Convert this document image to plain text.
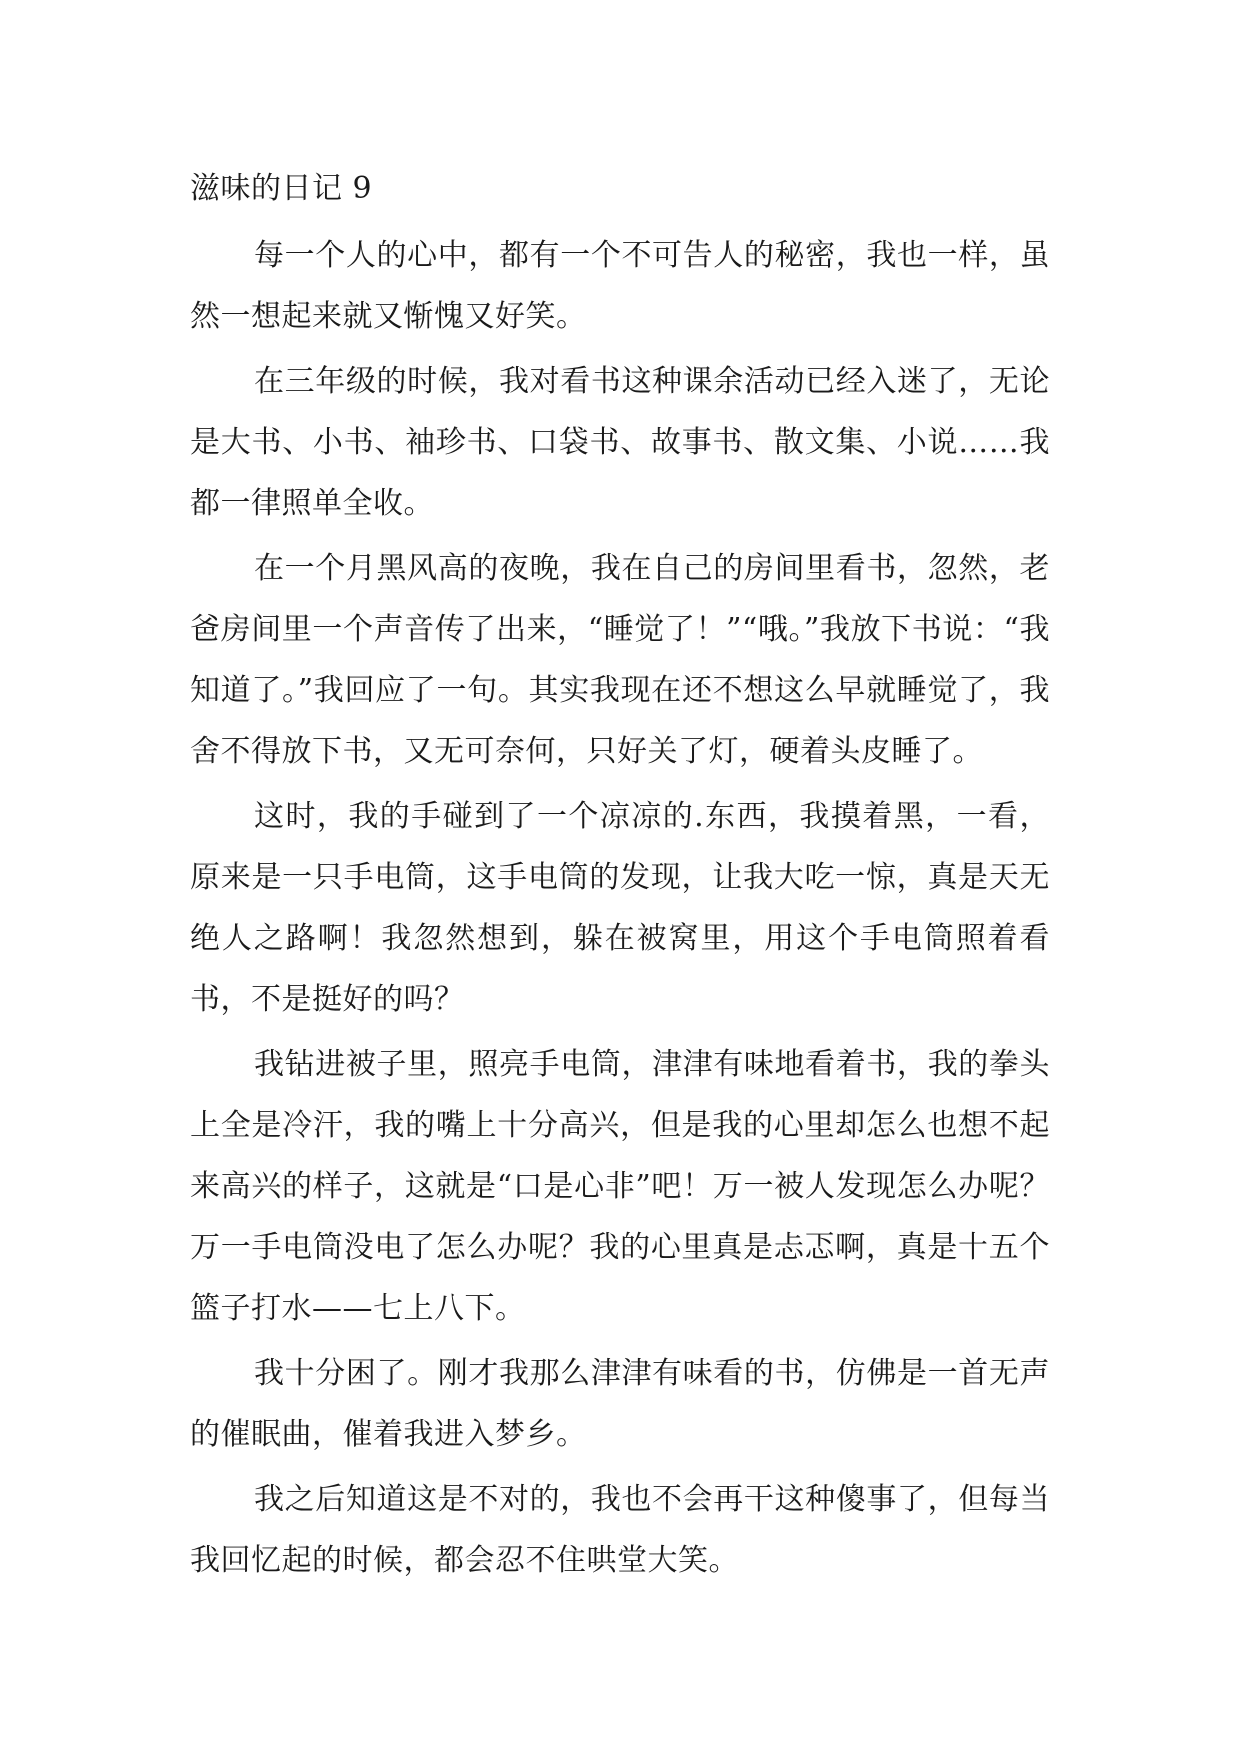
滋味的日记 9

每一个人的心中，都有一个不可告人的秘密，我也一样，虽然一想起来就又惭愧又好笑。

在三年级的时候，我对看书这种课余活动已经入迷了，无论是大书、小书、袖珍书、口袋书、故事书、散文集、小说……我都一律照单全收。

在一个月黑风高的夜晚，我在自己的房间里看书，忽然，老爸房间里一个声音传了出来，“睡觉了！”“哦。”我放下书说：“我知道了。”我回应了一句。其实我现在还不想这么早就睡觉了，我舍不得放下书，又无可奈何，只好关了灯，硬着头皮睡了。

这时，我的手碰到了一个凉凉的.东西，我摸着黑，一看，原来是一只手电筒，这手电筒的发现，让我大吃一惊，真是天无绝人之路啊！我忽然想到，躲在被窝里，用这个手电筒照着看书，不是挺好的吗？

我钻进被子里，照亮手电筒，津津有味地看着书，我的拳头上全是冷汗，我的嘴上十分高兴，但是我的心里却怎么也想不起来高兴的样子，这就是“口是心非”吧！万一被人发现怎么办呢？万一手电筒没电了怎么办呢？我的心里真是忐忑啊，真是十五个篮子打水——七上八下。

我十分困了。刚才我那么津津有味看的书，仿佛是一首无声的催眠曲，催着我进入梦乡。

我之后知道这是不对的，我也不会再干这种傻事了，但每当我回忆起的时候，都会忍不住哄堂大笑。
